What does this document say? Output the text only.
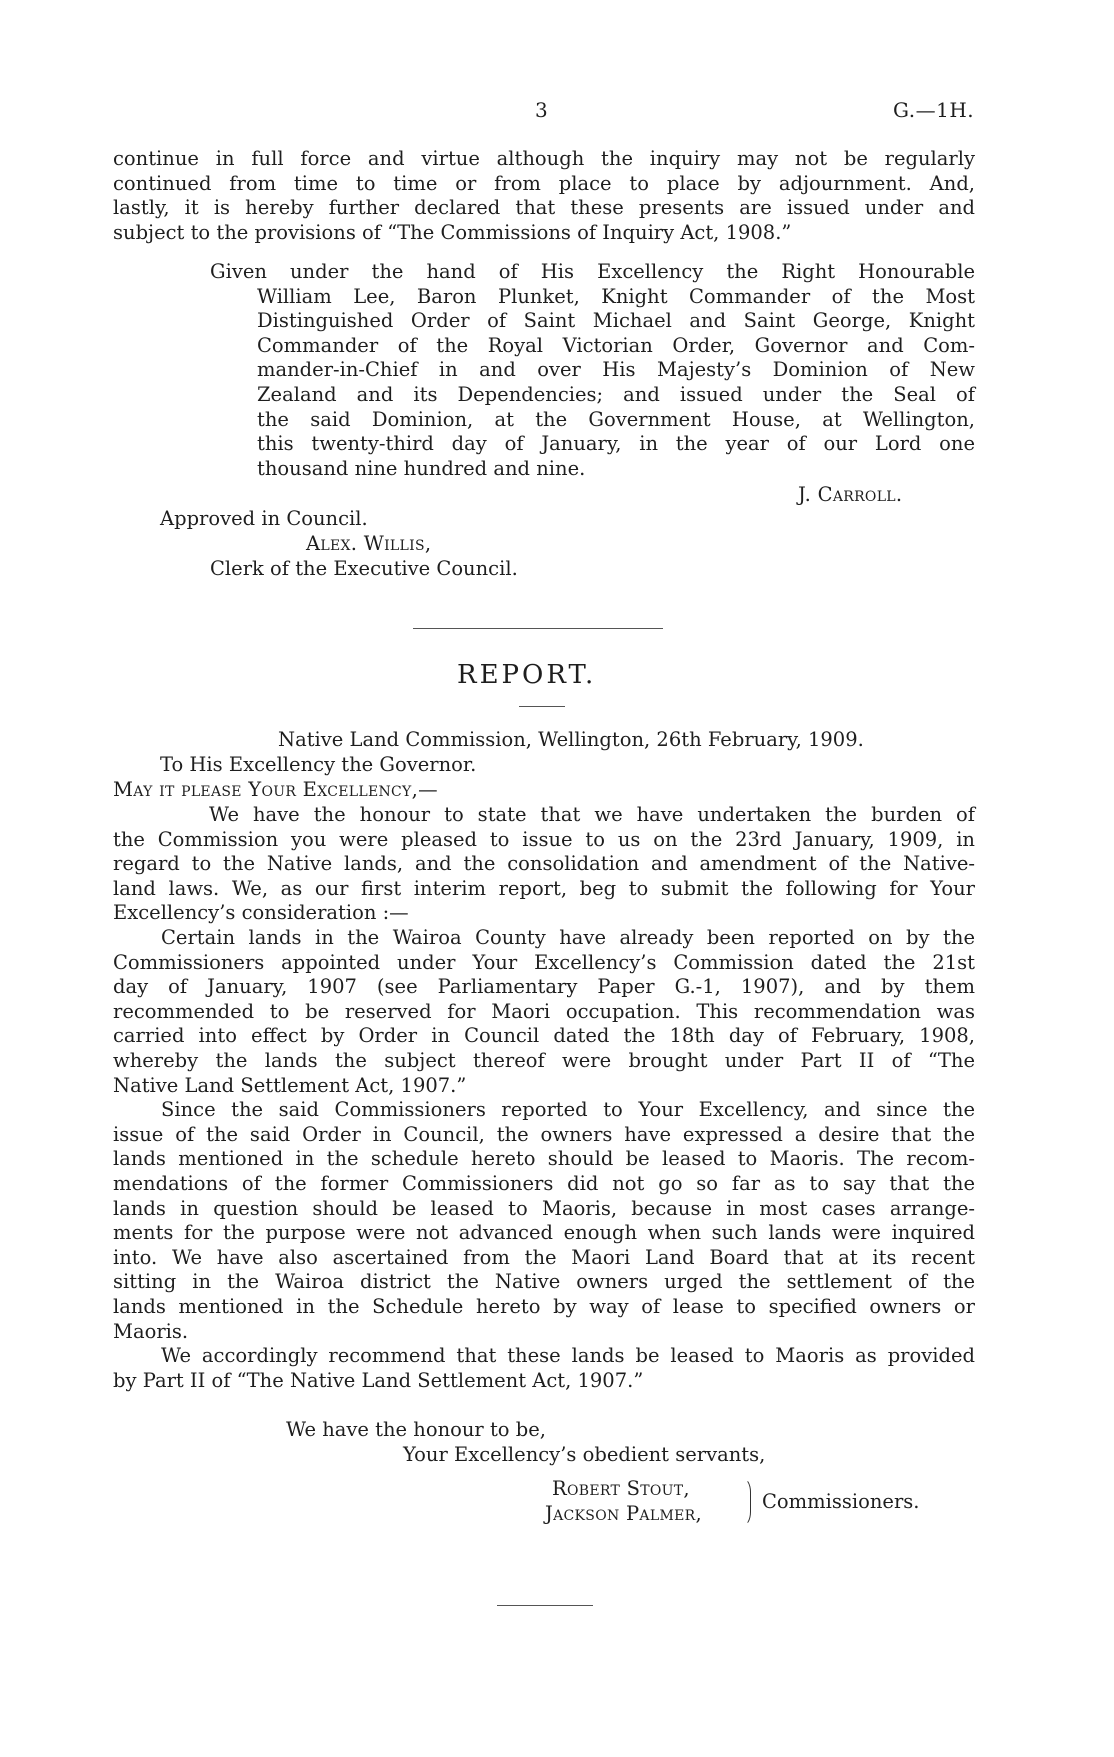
3	G.—1H.
continue in full force and virtue although the inquiry may not be regularly
continued from time to time or from place to place by adjournment. And,
lastly, it is hereby further declared that these presents are issued under and
subject to the provisions of “The Commissions of Inquiry Act, 1908.”
Given under the hand of His Excellency the Right Honourable
William Lee, Baron Plunket, Knight Commander of the Most
Distinguished Order of Saint Michael and Saint George, Knight
Commander of the Royal Victorian Order, Governor and Com-
mander-in-Chief in and over His Majesty’s Dominion of New
Zealand and its Dependencies; and issued under the Seal of
the said Dominion, at the Government House, at Wellington,
this twenty-third day of January, in the year of our Lord one
thousand nine hundred and nine.
J. Carroll.
Approved in Council.
Alex. Willis,
Clerk of the Executive Council.
REPORT.
Native Land Commission, Wellington, 26th February, 1909.
To His Excellency the Governor.
May it please Your Excellency,—
We have the honour to state that we have undertaken the burden of
the Commission you were pleased to issue to us on the 23rd January, 1909, in
regard to the Native lands, and the consolidation and amendment of the Native-
land laws. We, as our first interim report, beg to submit the following for Your
Excellency’s consideration :—
Certain lands in the Wairoa County have already been reported on by the
Commissioners appointed under Your Excellency’s Commission dated the 21st
day of January, 1907 (see Parliamentary Paper G.-1, 1907), and by them
recommended to be reserved for Maori occupation. This recommendation was
carried into effect by Order in Council dated the 18th day of February, 1908,
whereby the lands the subject thereof were brought under Part II of “The
Native Land Settlement Act, 1907.”
Since the said Commissioners reported to Your Excellency, and since the
issue of the said Order in Council, the owners have expressed a desire that the
lands mentioned in the schedule hereto should be leased to Maoris. The recom-
mendations of the former Commissioners did not go so far as to say that the
lands in question should be leased to Maoris, because in most cases arrange-
ments for the purpose were not advanced enough when such lands were inquired
into. We have also ascertained from the Maori Land Board that at its recent
sitting in the Wairoa district the Native owners urged the settlement of the
lands mentioned in the Schedule hereto by way of lease to specified owners or
Maoris.
We accordingly recommend that these lands be leased to Maoris as provided
by Part II of “The Native Land Settlement Act, 1907.”
We have the honour to be,
Your Excellency’s obedient servants,
Robert Stout,
Jackson Palmer,
Commissioners.
